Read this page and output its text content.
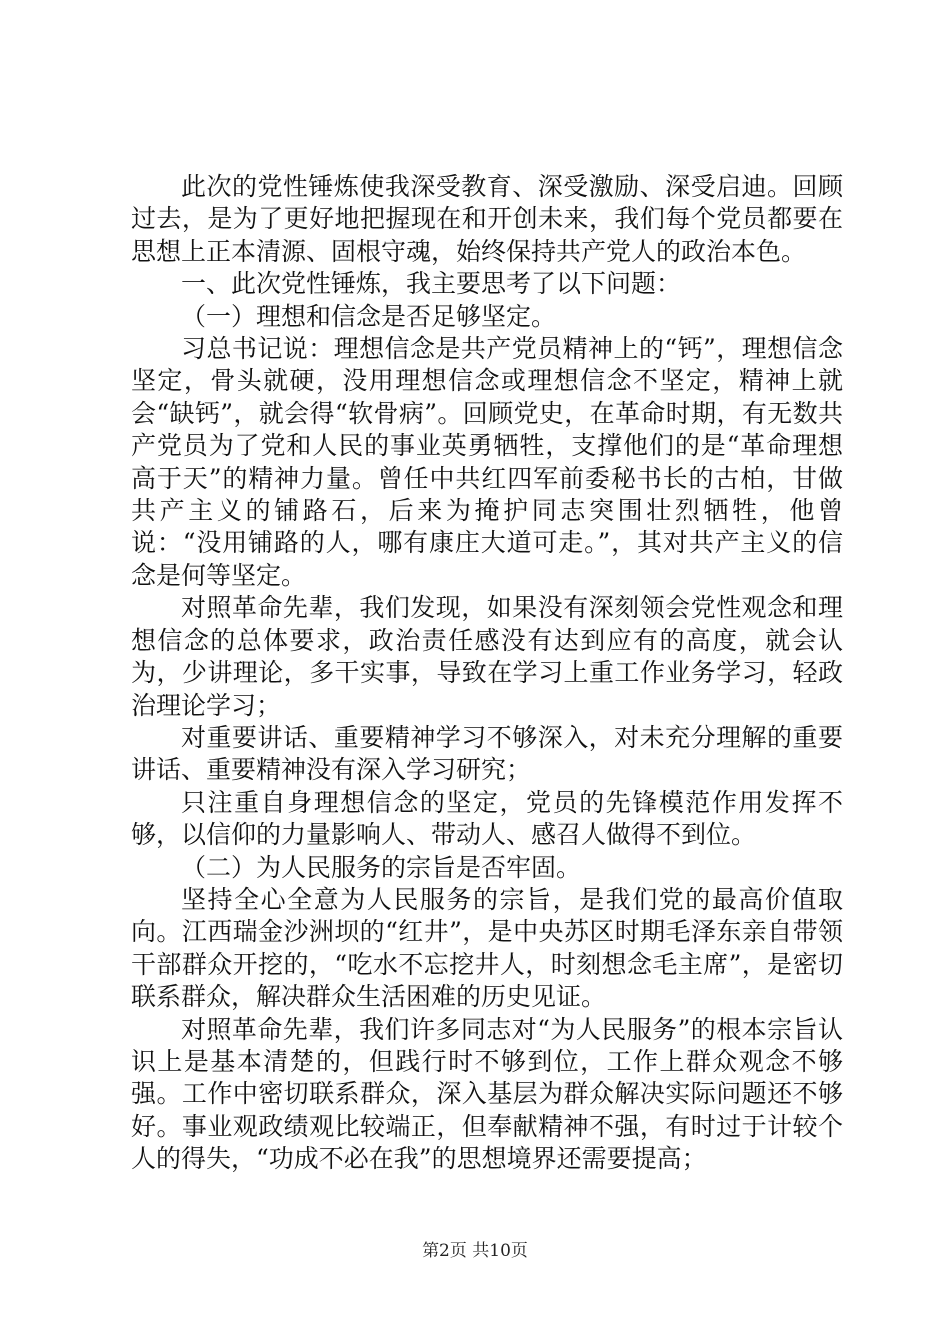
此次的党性锤炼使我深受教育、深受激励、深受启迪。回顾过去，是为了更好地把握现在和开创未来，我们每个党员都要在思想上正本清源、固根守魂，始终保持共产党人的政治本色。

一、此次党性锤炼，我主要思考了以下问题：

（一）理想和信念是否足够坚定。

习总书记说：理想信念是共产党员精神上的“钙”，理想信念坚定，骨头就硬，没用理想信念或理想信念不坚定，精神上就会“缺钙”，就会得“软骨病”。回顾党史，在革命时期，有无数共产党员为了党和人民的事业英勇牺牲，支撑他们的是“革命理想高于天”的精神力量。曾任中共红四军前委秘书长的古柏，甘做共产主义的铺路石，后来为掩护同志突围壮烈牺牲，他曾说：“没用铺路的人，哪有康庄大道可走。”，其对共产主义的信念是何等坚定。

对照革命先辈，我们发现，如果没有深刻领会党性观念和理想信念的总体要求，政治责任感没有达到应有的高度，就会认为，少讲理论，多干实事，导致在学习上重工作业务学习，轻政治理论学习；

对重要讲话、重要精神学习不够深入，对未充分理解的重要讲话、重要精神没有深入学习研究；

只注重自身理想信念的坚定，党员的先锋模范作用发挥不够，以信仰的力量影响人、带动人、感召人做得不到位。

（二）为人民服务的宗旨是否牢固。

坚持全心全意为人民服务的宗旨，是我们党的最高价值取向。江西瑞金沙洲坝的“红井”，是中央苏区时期毛泽东亲自带领干部群众开挖的，“吃水不忘挖井人，时刻想念毛主席”，是密切联系群众，解决群众生活困难的历史见证。

对照革命先辈，我们许多同志对“为人民服务”的根本宗旨认识上是基本清楚的，但践行时不够到位，工作上群众观念不够强。工作中密切联系群众，深入基层为群众解决实际问题还不够好。事业观政绩观比较端正，但奉献精神不强，有时过于计较个人的得失，“功成不必在我”的思想境界还需要提高；

第2页 共10页
